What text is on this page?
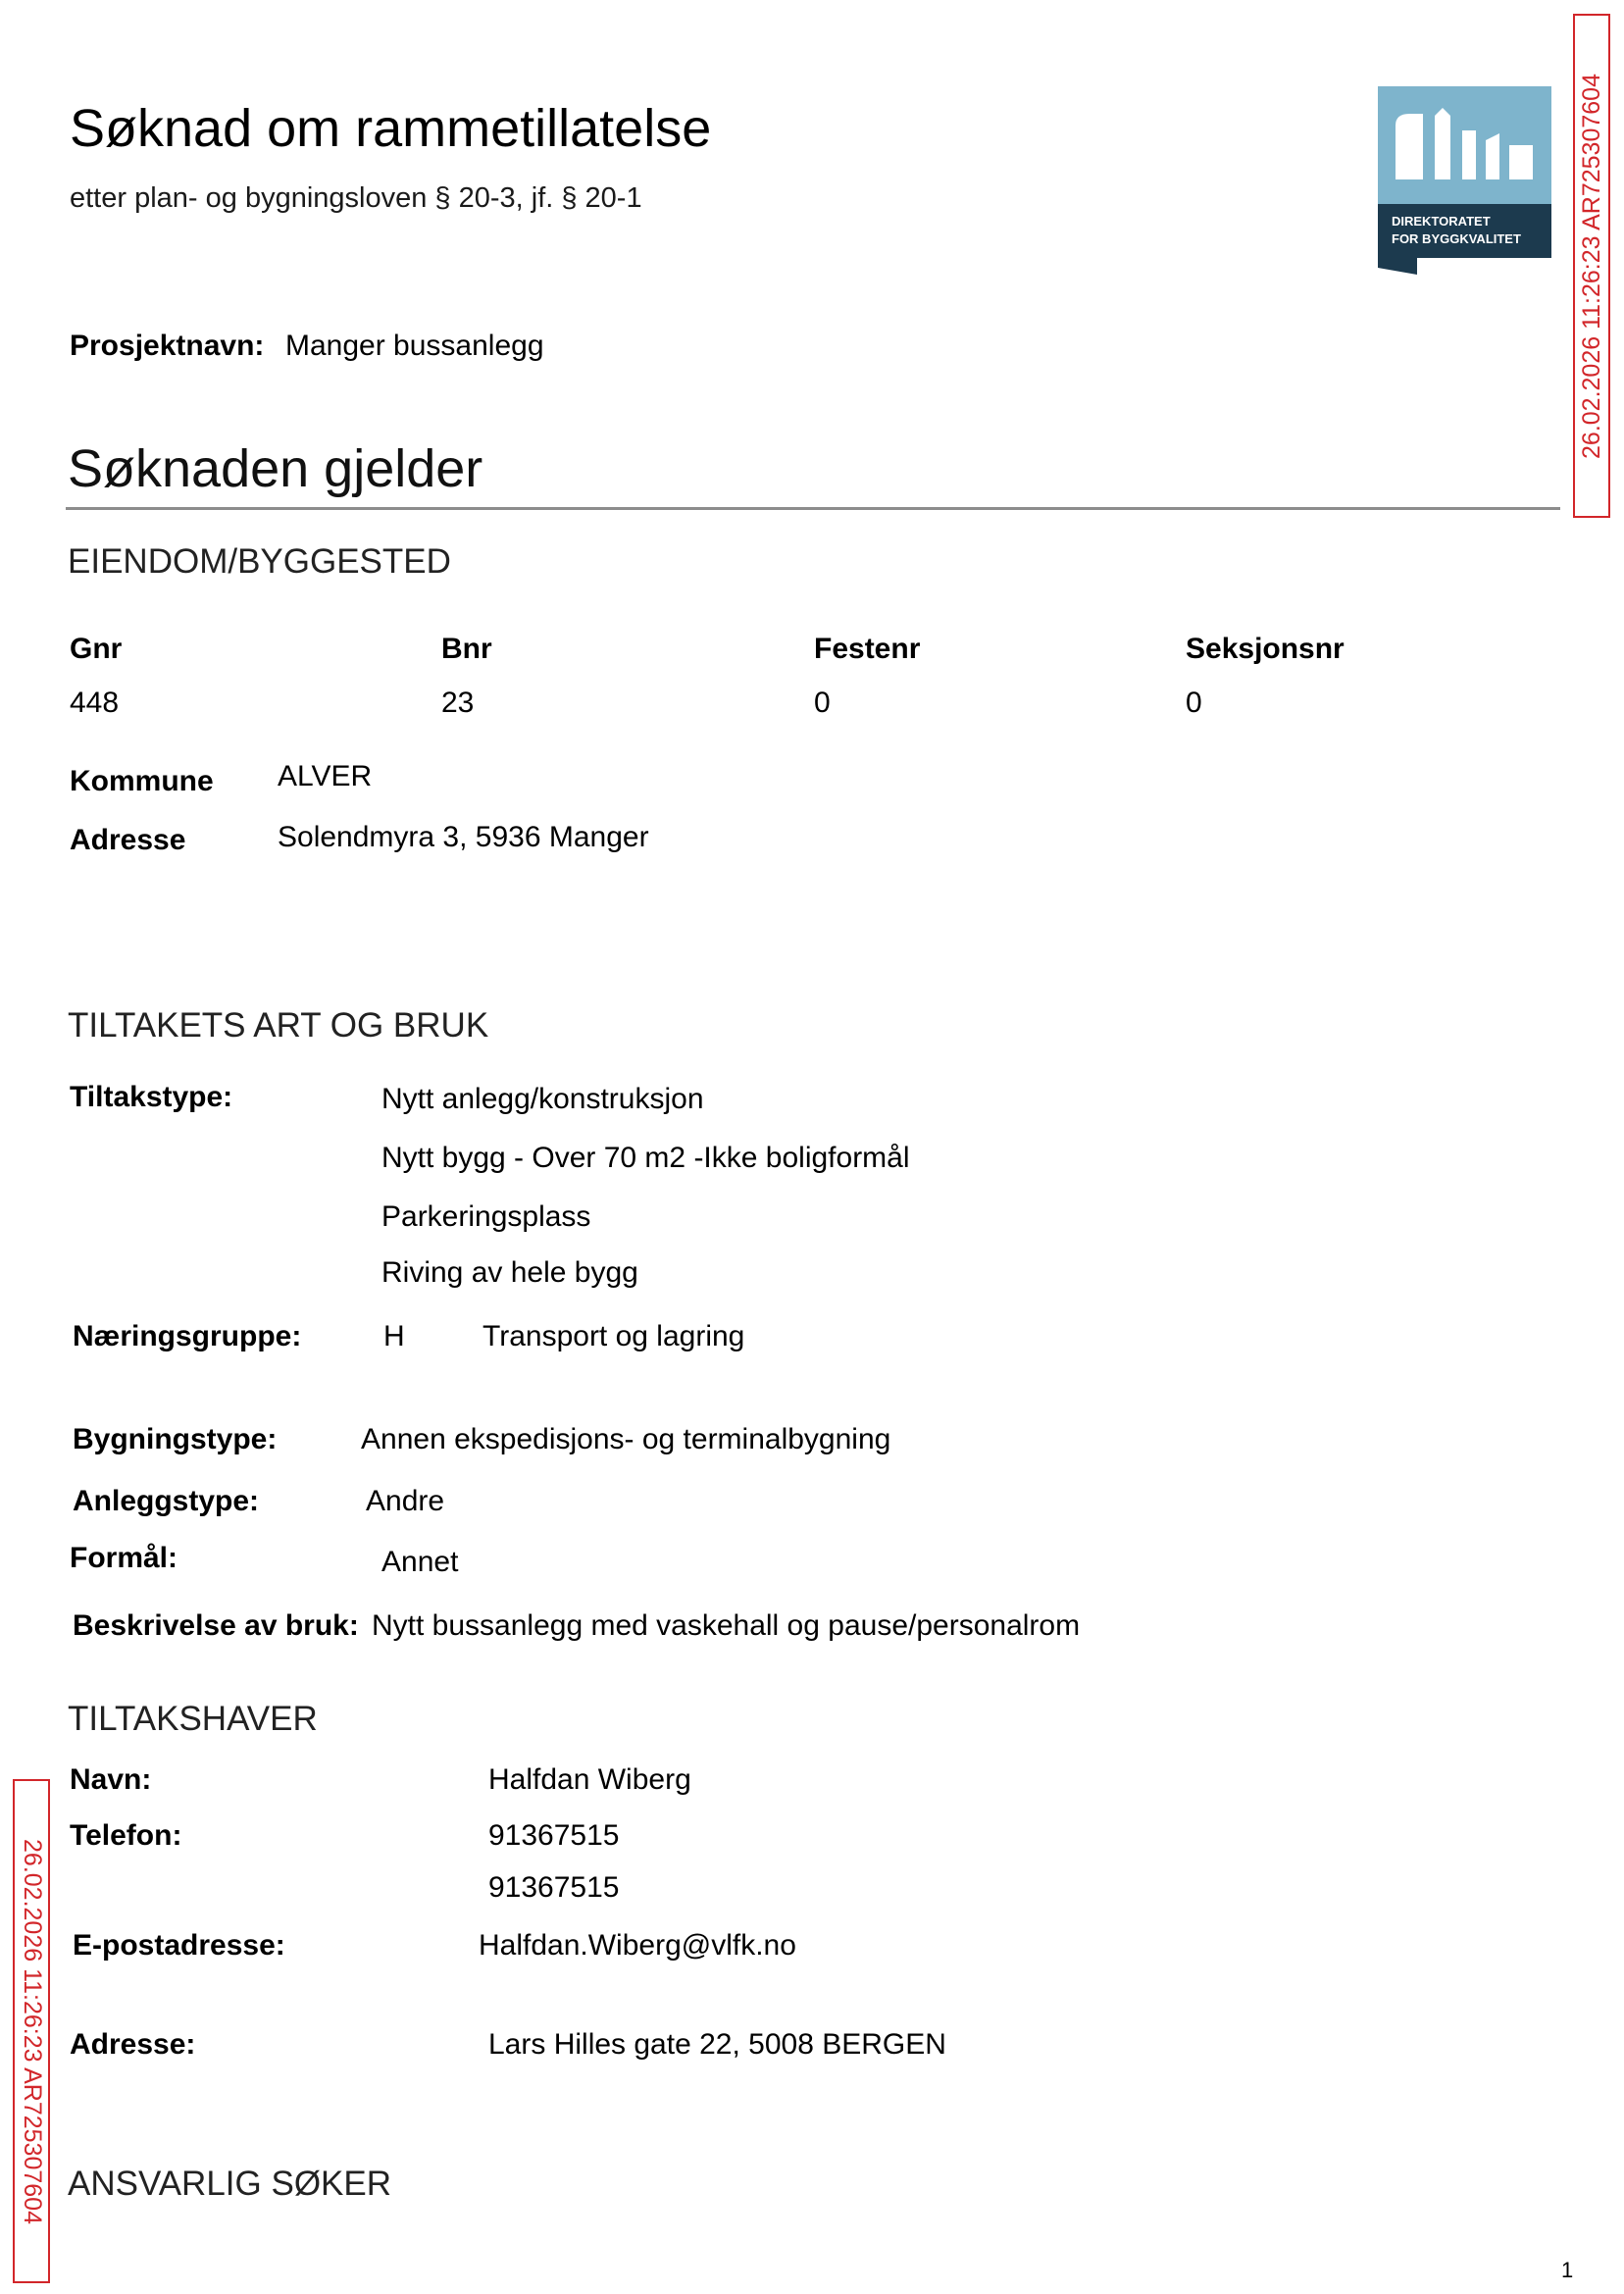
Søknad om rammetillatelse
etter plan- og bygningsloven § 20-3, jf. § 20-1
DIREKTORATET
FOR BYGGKVALITET
Prosjektnavn: Manger bussanlegg
Søknaden gjelder
EIENDOM/BYGGESTED
Gnr	Bnr	Festenr	Seksjonsnr
448	23	0	0
Kommune ALVER
Adresse	Solendmyra 3, 5936 Manger
TILTAKETS ART OG BRUK
Tiltakstype:	Nytt anlegg/konstruksjon
Nytt bygg - Over 70 m2 -Ikke boligformål
Parkeringsplass
Riving av hele bygg
Næringsgruppe:	H	Transport og lagring
Bygningstype:	Annen ekspedisjons- og terminalbygning
Anleggstype:	Andre
Formål:	Annet
Beskrivelse av bruk: Nytt bussanlegg med vaskehall og pause/personalrom
TILTAKSHAVER
Navn:	Halfdan Wiberg
Telefon:	91367515
91367515
E-postadresse:	Halfdan.Wiberg@vlfk.no
Adresse:	Lars Hilles gate 22, 5008 BERGEN
ANSVARLIG SØKER
26.02.2026 11:26:23 AR725307604
26.02.2026 11:26:23 AR725307604
1
